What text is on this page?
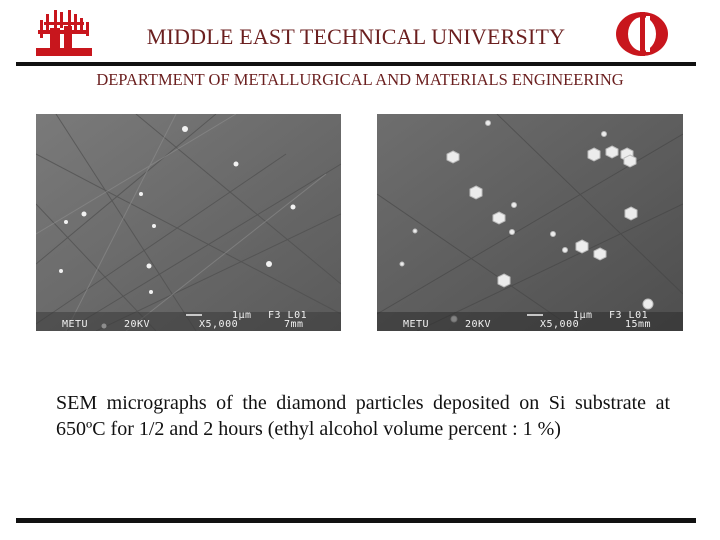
MIDDLE EAST TECHNICAL UNIVERSITY
DEPARTMENT OF METALLURGICAL AND MATERIALS ENGINEERING
METU	20KV
1μm F3 L01
X5,000	7mm	METU	20KV
1μm F3 L01
X5,000	15mm
SEM micrographs of the diamond particles deposited on Si substrate at 650ºC for 1/2 and 2 hours (ethyl alcohol volume percent : 1 %)
